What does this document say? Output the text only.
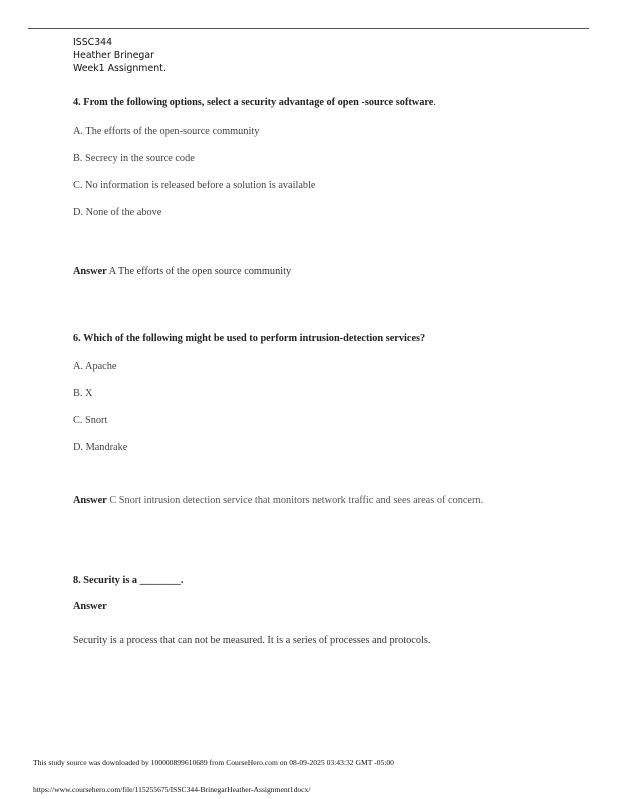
ISSC344
Heather Brinegar
Week1 Assignment.
4. From the following options, select a security advantage of open -source software.
A. The efforts of the open-source community
B. Secrecy in the source code
C. No information is released before a solution is available
D. None of the above
Answer A The efforts of the open source community
6. Which of the following might be used to perform intrusion-detection services?
A. Apache
B. X
C. Snort
D. Mandrake
Answer C Snort intrusion detection service that monitors network traffic and sees areas of concern.
8. Security is a ________.
Answer
Security is a process that can not be measured. It is a series of processes and protocols.
This study source was downloaded by 100000899610689 from CourseHero.com on 08-09-2025 03:43:32 GMT -05:00
https://www.coursehero.com/file/115255675/ISSC344-BrinegarHeather-Assignment1docx/
